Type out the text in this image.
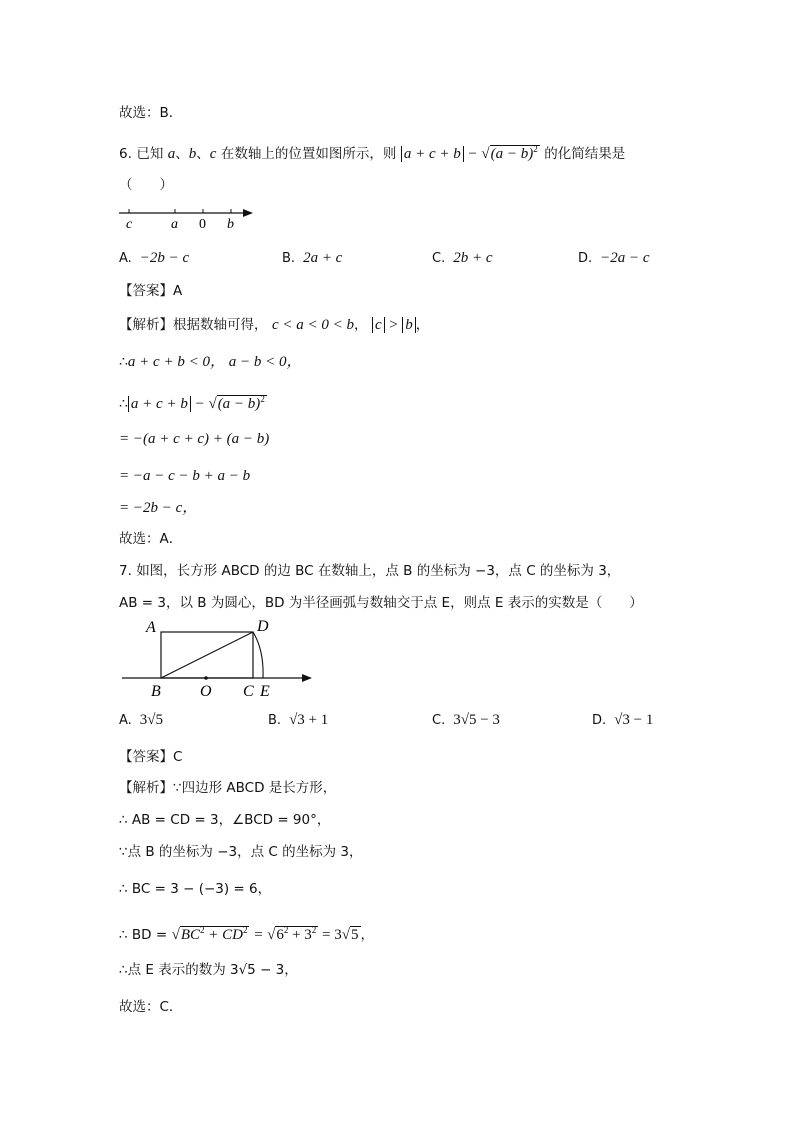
故选：B．
6. 已知 a、b、c 在数轴上的位置如图所示，则 $a + c + b - √(a - b)^2$ 的化简结果是
（　　）
c	a 0 b
A. −2b − c	B. 2a + c	C. 2b + c	D. −2a − c
【答案】A
【解析】根据数轴可得， c < a < 0 < b， c > b ，
∴a + c + b < 0， a − b < 0，
∴ $a + c + b - √(a - b)^2$
= −(a + c + c) + (a − b)
= −a − c − b + a − b
= −2b − c，
故选：A．
7. 如图，长方形 ABCD 的边 BC 在数轴上，点 B 的坐标为 −3，点 C 的坐标为 3，
AB = 3，以 B 为圆心，BD 为半径画弧与数轴交于点 E，则点 E 表示的实数是（　　）
A	D
B O C E
A. 3√5	B. √3 + 1	C. 3√5 − 3	D. √3 − 1
【答案】C
【解析】∵四边形 ABCD 是长方形，
∴ AB = CD = 3，∠BCD = 90°，
∵点 B 的坐标为 −3，点 C 的坐标为 3，
∴ BC = 3 − (−3) = 6，
∴ BD = $√BC^2 + CD^2 = √6^2 + 3^2 = 3√5$ ，
∴点 E 表示的数为 3√5 − 3，
故选：C．
